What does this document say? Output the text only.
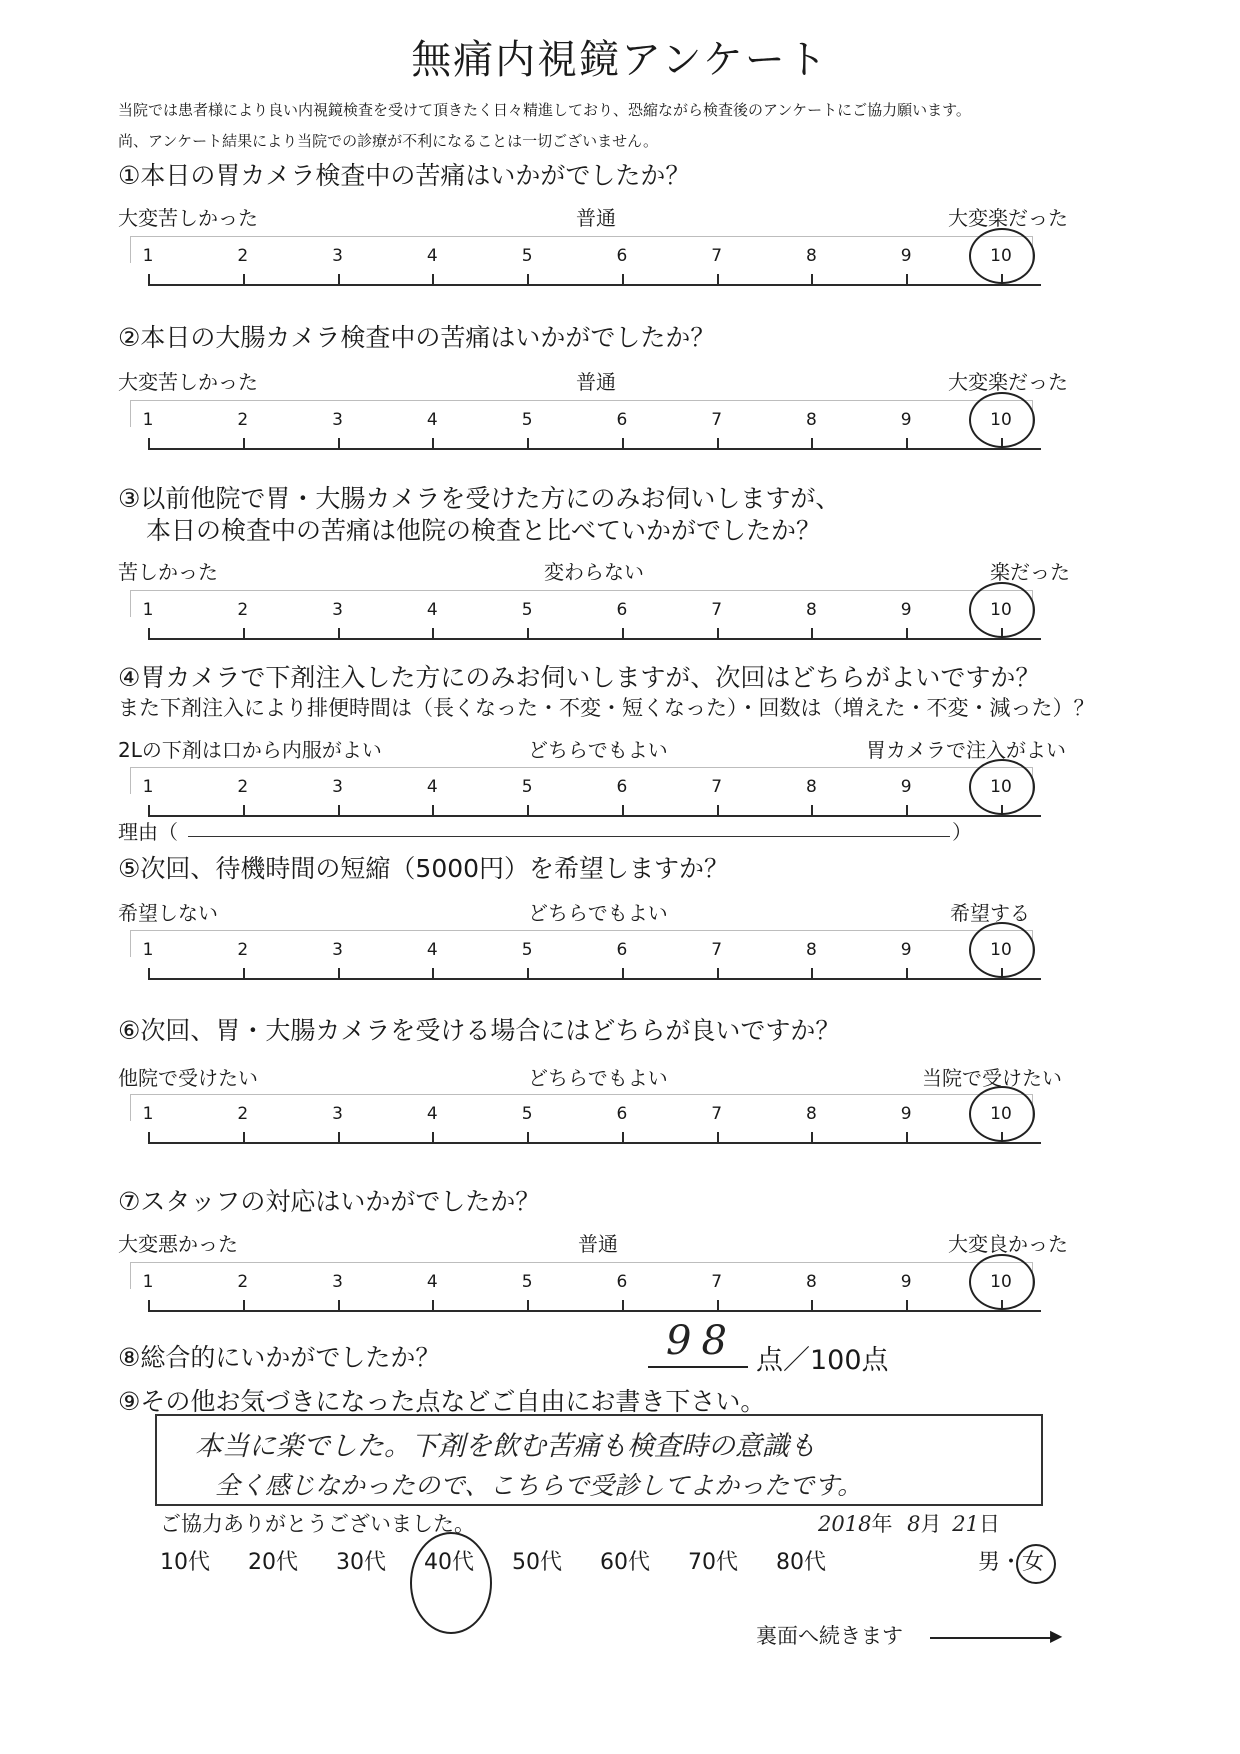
無痛内視鏡アンケート
当院では患者様により良い内視鏡検査を受けて頂きたく日々精進しており、恐縮ながら検査後のアンケートにご協力願います。
尚、アンケート結果により当院での診療が不利になることは一切ございません。
①本日の胃カメラ検査中の苦痛はいかがでしたか？
大変苦しかった	普通	大変楽だった
1	2	3	4	5	6	7	8	9	10
②本日の大腸カメラ検査中の苦痛はいかがでしたか？
大変苦しかった	普通	大変楽だった
1	2	3	4	5	6	7	8	9	10
③以前他院で胃・大腸カメラを受けた方にのみお伺いしますが、
本日の検査中の苦痛は他院の検査と比べていかがでしたか？
苦しかった	変わらない	楽だった
1	2	3	4	5	6	7	8	9	10
④胃カメラで下剤注入した方にのみお伺いしますが、次回はどちらがよいですか？
また下剤注入により排便時間は（長くなった・不変・短くなった）・回数は（増えた・不変・減った）？
2Lの下剤は口から内服がよい	どちらでもよい	胃カメラで注入がよい
1	2	3	4	5	6	7	8	9	10
理由（	）
⑤次回、待機時間の短縮（5000円）を希望しますか？
希望しない	どちらでもよい	希望する
1	2	3	4	5	6	7	8	9	10
⑥次回、胃・大腸カメラを受ける場合にはどちらが良いですか？
他院で受けたい	どちらでもよい	当院で受けたい
1	2	3	4	5	6	7	8	9	10
⑦スタッフの対応はいかがでしたか？
大変悪かった	普通	大変良かった
1	2	3	4	5	6	7	8	9	10
⑧総合的にいかがでしたか？	98 点／100点
⑨その他お気づきになった点などご自由にお書き下さい。
本当に楽でした。下剤を飲む苦痛も検査時の意識も
全く感じなかったので、こちらで受診してよかったです。
ご協力ありがとうございました。	2018年 8月 21日
10代 20代 30代 40代 50代 60代 70代 80代	男・女
裏面へ続きます	▶
